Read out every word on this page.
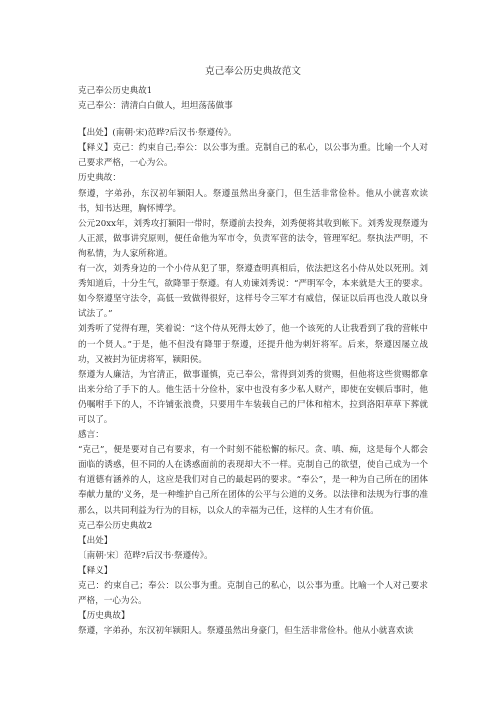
克己奉公历史典故范文
克己奉公历史典故1
克己奉公：清清白白做人，坦坦荡荡做事
【出处】(南朝·宋)范晔?后汉书·祭遵传》。
【释义】克己：约束自己;奉公：以公事为重。克制自己的私心，以公事为重。比喻一个人对己要求严格，一心为公。
历史典故：
祭遵，字弟孙，东汉初年颍阳人。祭遵虽然出身豪门，但生活非常俭朴。他从小就喜欢读书，知书达理，胸怀博学。
公元20xx年，刘秀攻打颍阳一带时，祭遵前去投奔，刘秀便将其收到帐下。刘秀发现祭遵为人正派，做事讲究原则，便任命他为军市令，负责军营的法令，管理军纪。祭执法严明，不徇私情，为人家所称道。
有一次，刘秀身边的一个小侍从犯了罪，祭遵查明真相后，依法把这名小侍从处以死刑。刘秀知道后，十分生气，欲降罪于祭遵。有人劝谏刘秀说：“严明军令，本来就是大王的要求。如今祭遵坚守法令，高低一致做得很好，这样号令三军才有威信，保证以后再也没人敢以身试法了。”
刘秀听了觉得有理，笑着说：“这个侍从死得太妙了，他一个该死的人让我看到了我的营帐中的一个贤人。”于是，他不但没有降罪于祭遵，还提升他为刺奸将军。后来，祭遵因屡立战功，又被封为征虏将军，颍阳侯。
祭遵为人廉洁，为官清正，做事谨慎，克己奉公，常得到刘秀的赏赐，但他将这些赏赐都拿出来分给了手下的人。他生活十分俭朴，家中也没有多少私人财产，即使在安顿后事时，他仍嘱咐手下的人，不许铺张浪费，只要用牛车装载自己的尸体和棺木，拉到洛阳草草下葬就可以了。
感言：
“克己”，便是要对自己有要求，有一个时刻不能松懈的标尺。贪、嗔、痴，这是每个人都会面临的诱惑，但不同的人在诱惑面前的表现却大不一样。克制自己的欲望，使自己成为一个有道德有涵养的人，这应是我们对自己的最起码的要求。“奉公”，是一种为自己所在的团体奉献力量的'义务，是一种维护自己所在团体的公平与公道的义务。以法律和法规为行事的准那么，以共同利益为行为的目标，以众人的幸福为己任，这样的人生才有价值。
克己奉公历史典故2
【出处】
〔南朝·宋〕范晔?后汉书·祭遵传》。
【释义】
克己：约束自己；奉公：以公事为重。克制自己的私心，以公事为重。比喻一个人对己要求严格，一心为公。
【历史典故】
祭遵，字弟孙，东汉初年颍阳人。祭遵虽然出身豪门，但生活非常俭朴。他从小就喜欢读
